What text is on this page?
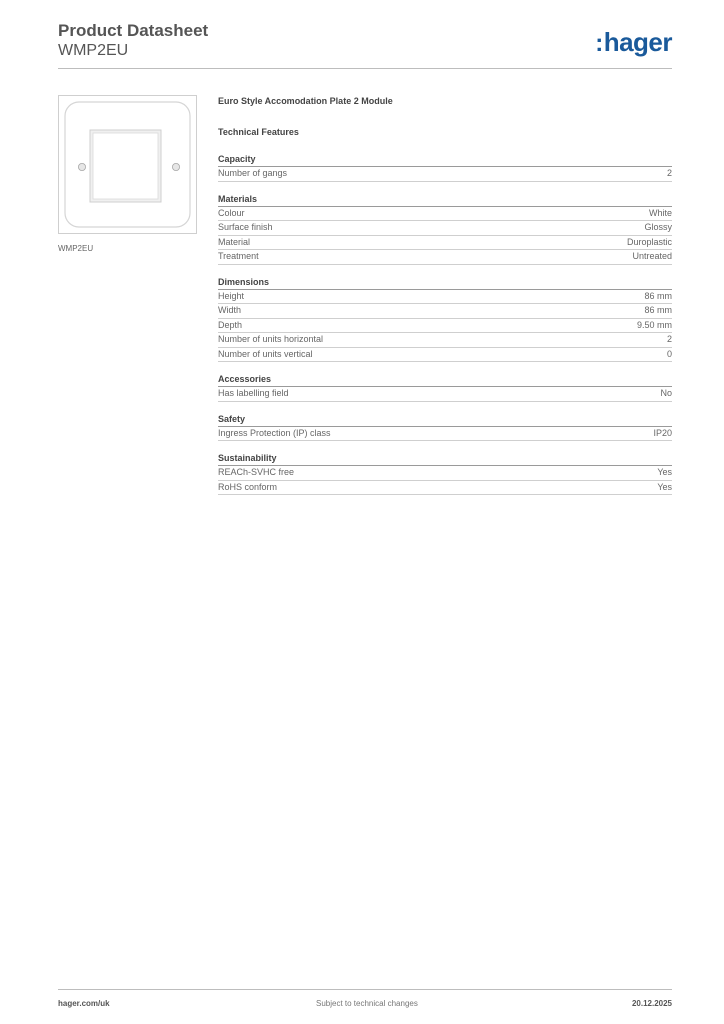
Product Datasheet
WMP2EU	:hager
WMP2EU
Euro Style Accomodation Plate 2 Module
Technical Features
Capacity
Number of gangs	2
Materials
Colour	White
Surface finish	Glossy
Material	Duroplastic
Treatment	Untreated
Dimensions
Height	86 mm
Width	86 mm
Depth	9.50 mm
Number of units horizontal	2
Number of units vertical	0
Accessories
Has labelling field	No
Safety
Ingress Protection (IP) class	IP20
Sustainability
REACh-SVHC free	Yes
RoHS conform	Yes
hager.com/uk	Subject to technical changes	20.12.2025
